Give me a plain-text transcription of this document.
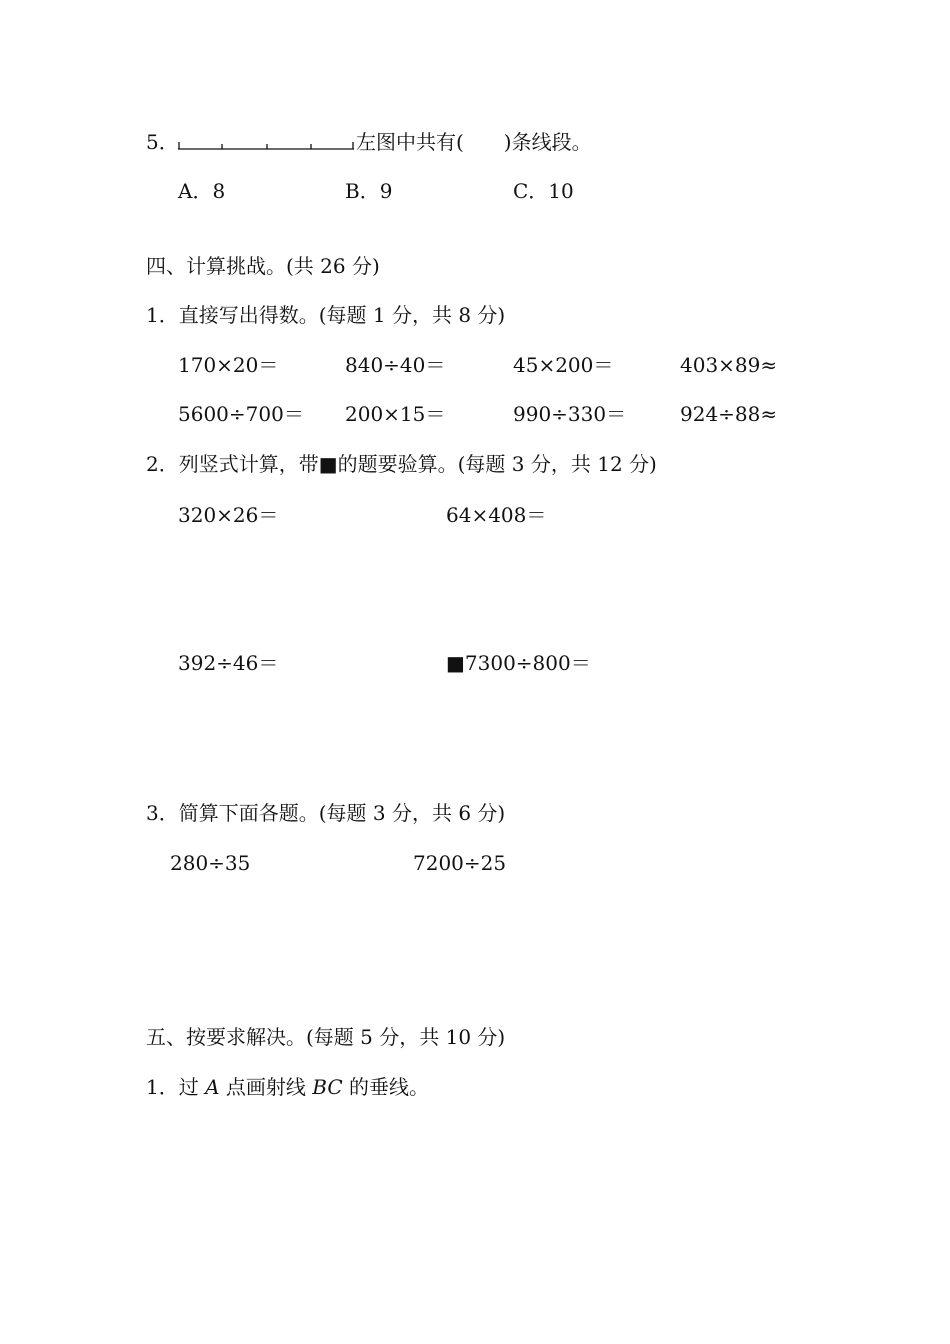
5．	左图中共有(　　)条线段。
A．8	B．9	C．10
四、计算挑战。(共 26 分)
1．直接写出得数。(每题 1 分，共 8 分)
170×20＝	840÷40＝	45×200＝	403×89≈
5600÷700＝ 200×15＝	990÷330＝	924÷88≈
2．列竖式计算，带■的题要验算。(每题 3 分，共 12 分)
320×26＝	64×408＝
392÷46＝	■7300÷800＝
3．简算下面各题。(每题 3 分，共 6 分)
280÷35	7200÷25
五、按要求解决。(每题 5 分，共 10 分)
1．过 A 点画射线 BC 的垂线。
